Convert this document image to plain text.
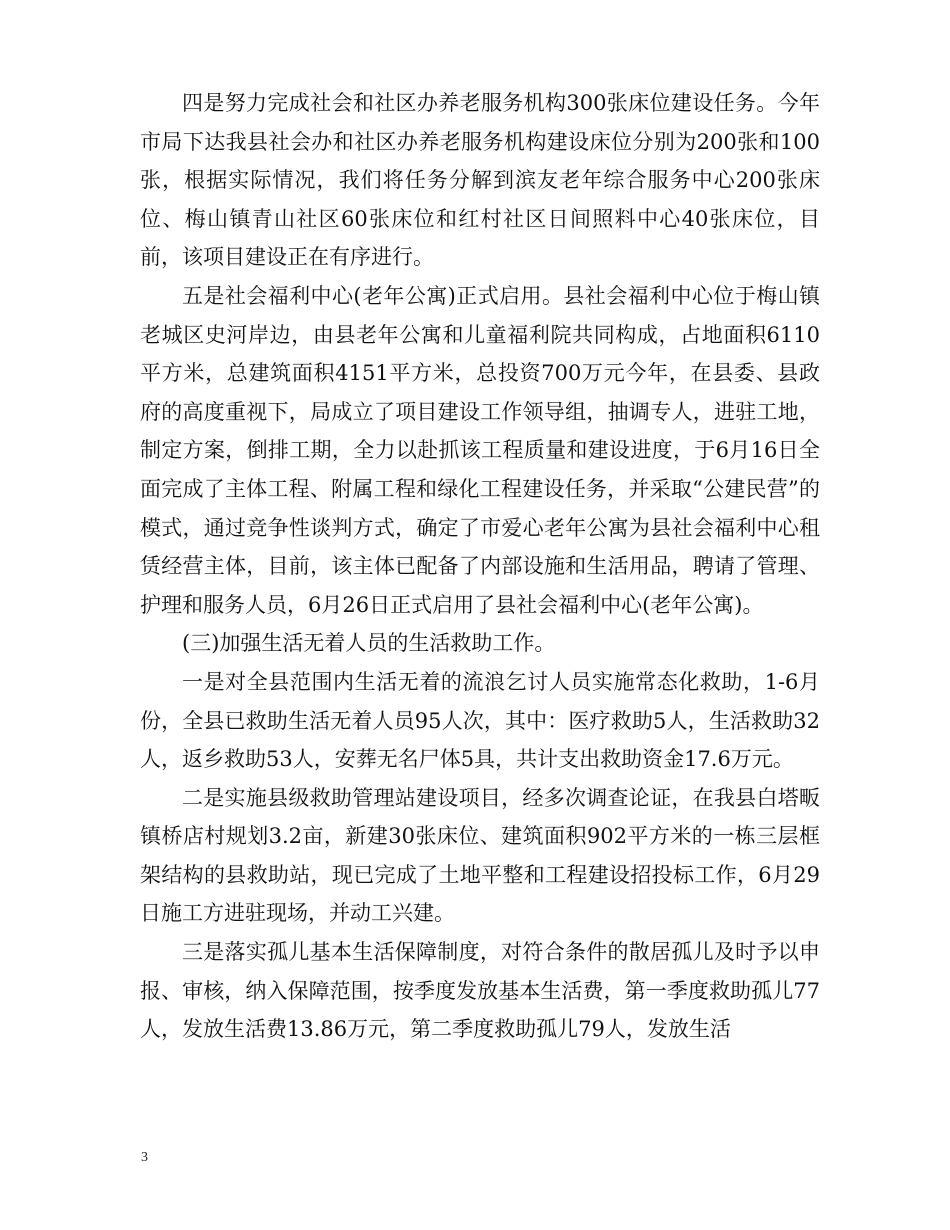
四是努力完成社会和社区办养老服务机构300张床位建设任务。今年市局下达我县社会办和社区办养老服务机构建设床位分别为200张和100张，根据实际情况，我们将任务分解到滨友老年综合服务中心200张床位、梅山镇青山社区60张床位和红村社区日间照料中心40张床位，目前，该项目建设正在有序进行。

五是社会福利中心(老年公寓)正式启用。县社会福利中心位于梅山镇老城区史河岸边，由县老年公寓和儿童福利院共同构成，占地面积6110平方米，总建筑面积4151平方米，总投资700万元今年，在县委、县政府的高度重视下，局成立了项目建设工作领导组，抽调专人，进驻工地，制定方案，倒排工期，全力以赴抓该工程质量和建设进度，于6月16日全面完成了主体工程、附属工程和绿化工程建设任务，并采取“公建民营”的模式，通过竞争性谈判方式，确定了市爱心老年公寓为县社会福利中心租赁经营主体，目前，该主体已配备了内部设施和生活用品，聘请了管理、护理和服务人员，6月26日正式启用了县社会福利中心(老年公寓)。

(三)加强生活无着人员的生活救助工作。

一是对全县范围内生活无着的流浪乞讨人员实施常态化救助，1-6月份，全县已救助生活无着人员95人次，其中：医疗救助5人，生活救助32人，返乡救助53人，安葬无名尸体5具，共计支出救助资金17.6万元。

二是实施县级救助管理站建设项目，经多次调查论证，在我县白塔畈镇桥店村规划3.2亩，新建30张床位、建筑面积902平方米的一栋三层框架结构的县救助站，现已完成了土地平整和工程建设招投标工作，6月29日施工方进驻现场，并动工兴建。

三是落实孤儿基本生活保障制度，对符合条件的散居孤儿及时予以申报、审核，纳入保障范围，按季度发放基本生活费，第一季度救助孤儿77人，发放生活费13.86万元，第二季度救助孤儿79人，发放生活

3
